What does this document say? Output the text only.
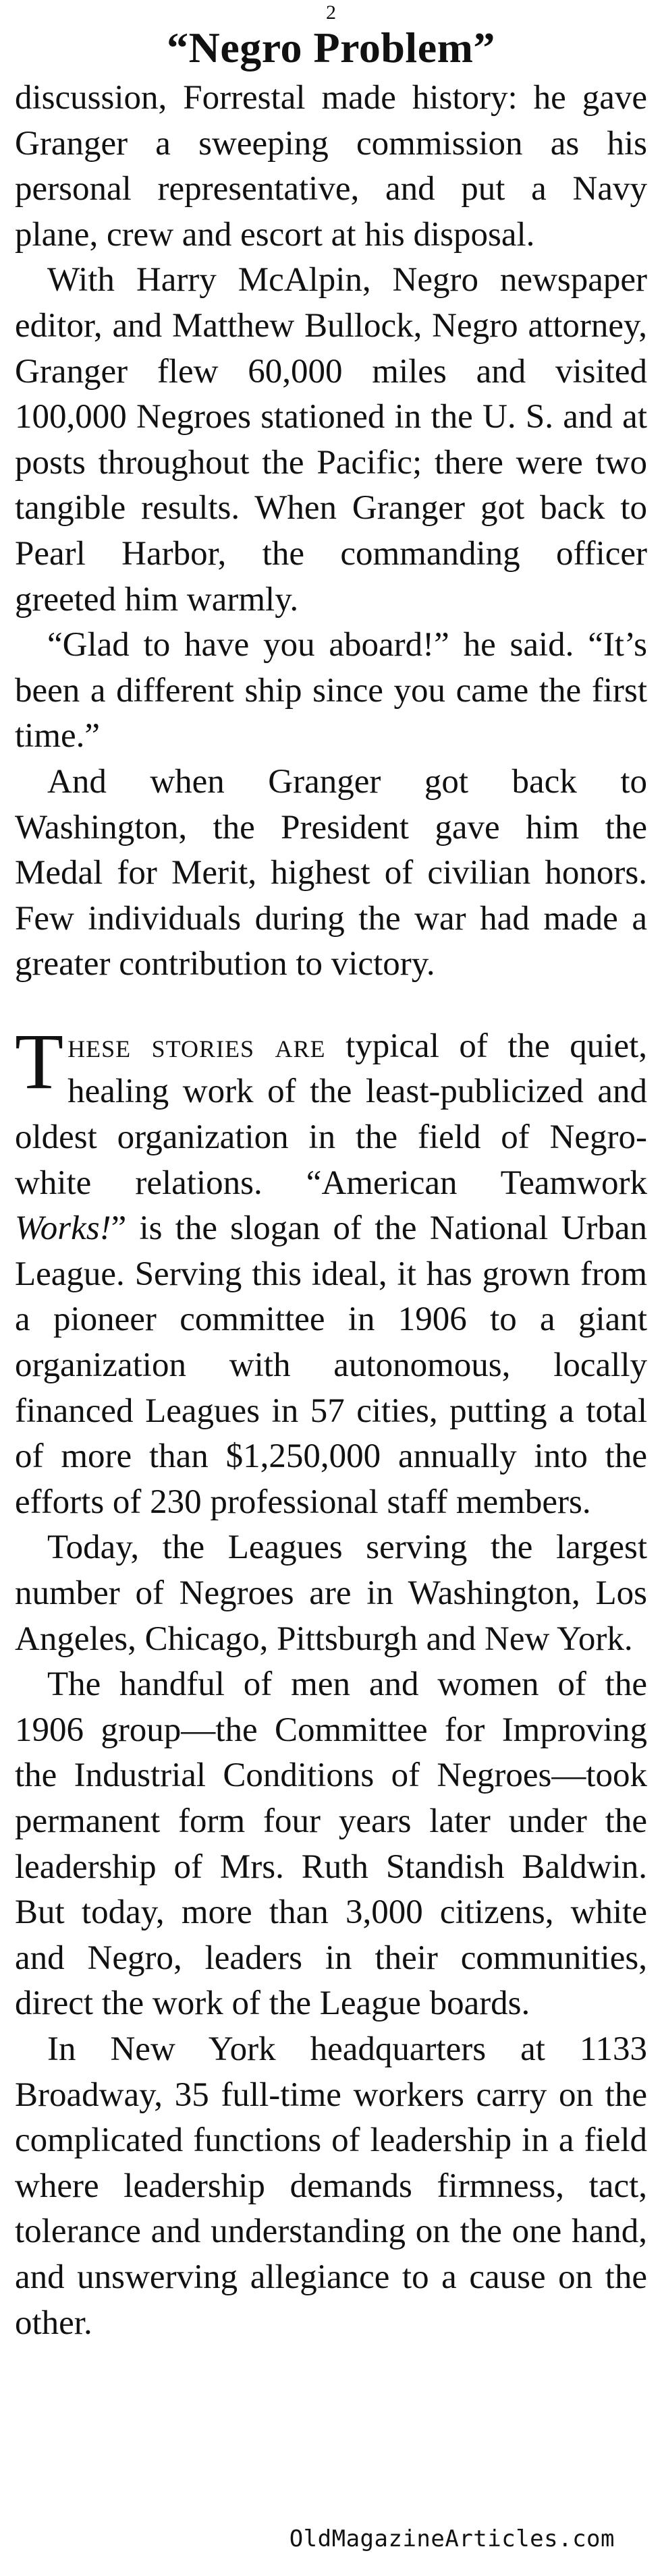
2
“Negro Problem”

discussion, Forrestal made history: he gave Granger a sweeping commission as his personal representative, and put a Navy plane, crew and escort at his disposal.

With Harry McAlpin, Negro newspaper editor, and Matthew Bullock, Negro attorney, Granger flew 60,000 miles and visited 100,000 Negroes stationed in the U. S. and at posts throughout the Pacific; there were two tangible results. When Granger got back to Pearl Harbor, the commanding officer greeted him warmly.

“Glad to have you aboard!” he said. “It’s been a different ship since you came the first time.”

And when Granger got back to Washington, the President gave him the Medal for Merit, highest of civilian honors. Few individuals during the war had made a greater contribution to victory.

These stories are typical of the quiet, healing work of the least-publicized and oldest organization in the field of Negro-white relations. “American Teamwork Works!” is the slogan of the National Urban League. Serving this ideal, it has grown from a pioneer committee in 1906 to a giant organization with autonomous, locally financed Leagues in 57 cities, putting a total of more than $1,250,000 annually into the efforts of 230 professional staff members.

Today, the Leagues serving the largest number of Negroes are in Washington, Los Angeles, Chicago, Pittsburgh and New York.

The handful of men and women of the 1906 group—the Committee for Improving the Industrial Conditions of Negroes—took permanent form four years later under the leadership of Mrs. Ruth Standish Baldwin. But today, more than 3,000 citizens, white and Negro, leaders in their communities, direct the work of the League boards.

In New York headquarters at 1133 Broadway, 35 full-time workers carry on the complicated functions of leadership in a field where leadership demands firmness, tact, tolerance and understanding on the one hand, and unswerving allegiance to a cause on the other.

OldMagazineArticles.com
